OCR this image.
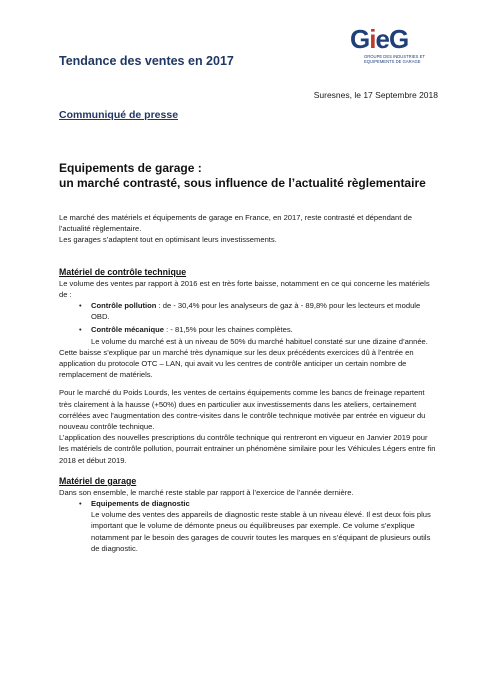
GieG
GROUPE DES INDUSTRIES ET EQUIPEMENTS DE GARAGE
Tendance des ventes en 2017
Suresnes, le 17 Septembre 2018
Communiqué de presse
Equipements de garage :
un marché contrasté, sous influence de l’actualité règlementaire

Le marché des matériels et équipements de garage en France, en 2017, reste contrasté et dépendant de l’actualité règlementaire.

Les garages s’adaptent tout en optimisant leurs investissements.

Matériel de contrôle technique

Le volume des ventes par rapport à 2016 est en très forte baisse, notamment en ce qui concerne les matériels de :

• Contrôle pollution : de - 30,4% pour les analyseurs de gaz à - 89,8% pour les lecteurs et module OBD.
• Contrôle mécanique : - 81,5% pour les chaines complètes.
Le volume du marché est à un niveau de 50% du marché habituel constaté sur une dizaine d’année.

Cette baisse s’explique par un marché très dynamique sur les deux précédents exercices dû à l’entrée en application du protocole OTC – LAN, qui avait vu les centres de contrôle anticiper un certain nombre de remplacement de matériels.

Pour le marché du Poids Lourds, les ventes de certains équipements comme les bancs de freinage repartent très clairement à la hausse (+50%) dues en particulier aux investissements dans les ateliers, certainement corrélées avec l’augmentation des contre-visites dans le contrôle technique motivée par entrée en vigueur du nouveau contrôle technique.

L’application des nouvelles prescriptions du contrôle technique qui rentreront en vigueur en Janvier 2019 pour les matériels de contrôle pollution, pourrait entrainer un phénomène similaire pour les Véhicules Légers entre fin 2018 et début 2019.

Matériel de garage

Dans son ensemble, le marché reste stable par rapport à l’exercice de l’année dernière.

• Equipements de diagnostic
Le volume des ventes des appareils de diagnostic reste stable à un niveau élevé. Il est deux fois plus important que le volume de démonte pneus ou équilibreuses par exemple. Ce volume s’explique notamment par le besoin des garages de couvrir toutes les marques en s’équipant de plusieurs outils de diagnostic.
